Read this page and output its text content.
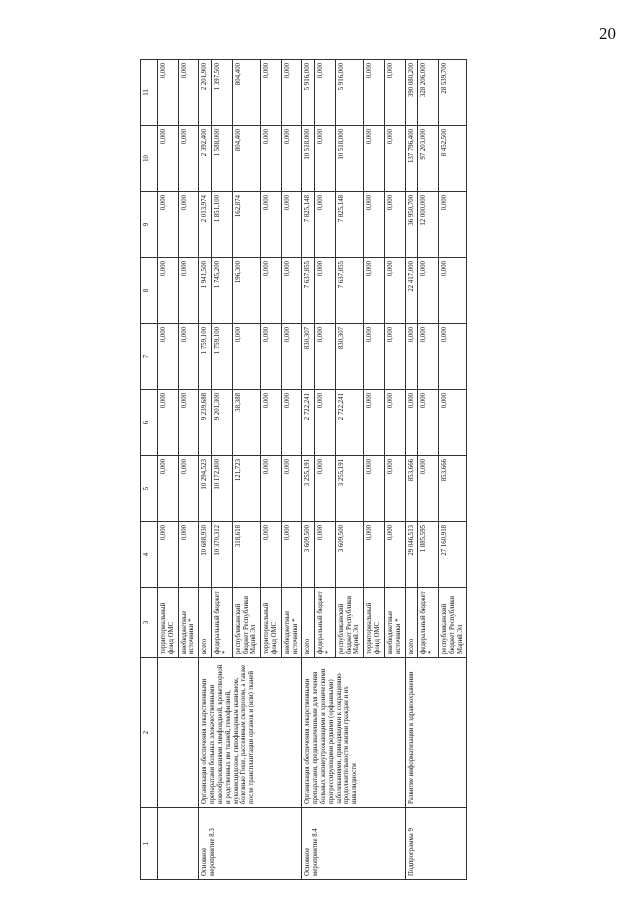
20
1	2	3	4	5	6	7	8	9	10	11
		территориальный фонд ОМС	0,000	0,000	0,000	0,000	0,000	0,000	0,000	0,000
		внебюджетные источники *	0,000	0,000	0,000	0,000	0,000	0,000	0,000	0,000
Основное мероприятие 8.3	Организация обеспечения лекарственными препаратами больных злокачественными новообразованиями лимфоидной, кроветворной и родственных им тканей, гемофилией, муковисцидозом, гипофизарным нанизмом, болезнью Гоше, рассеянным склерозом, а также после трансплантации органов и (или) тканей	всего	10 688,930	10 294,523	9 239,688	1 759,100	1 941,500	2 013,974	2 392,400	2 201,900
		федеральный бюджет *	10 370,312	10 172,800	9 201,300	1 759,100	1 745,200	1 851,100	1 588,000	1 397,500
		республиканский бюджет Республики Марий Эл	318,618	121,723	38,388	0,000	196,300	162,874	804,400	804,400
		территориальный фонд ОМС	0,000	0,000	0,000	0,000	0,000	0,000	0,000	0,000
		внебюджетные источники *	0,000	0,000	0,000	0,000	0,000	0,000	0,000	0,000
Основное мероприятие 8.4	Организация обеспечения лекарственными препаратами, предназначенными для лечения больных жизнеугрожающими и хроническими прогрессирующими редкими (орфанными) заболеваниями, приводящими к сокращению продолжительности жизни граждан и их инвалидности	всего	3 609,500	3 255,191	2 722,241	830,307	7 637,855	7 825,148	10 518,000	5 916,000
		федеральный бюджет *	0,000	0,000	0,000	0,000	0,000	0,000	0,000	0,000
		республиканский бюджет Республики Марий Эл	3 609,500	3 255,191	2 722,241	830,307	7 637,855	7 825,148	10 518,000	5 916,000
		территориальный фонд ОМС	0,000	0,000	0,000	0,000	0,000	0,000	0,000	0,000
		внебюджетные источники *	0,000	0,000	0,000	0,000	0,000	0,000	0,000	0,000
Подпрограмма 9	Развитие информатизации в здравоохранении	всего	29 046,513	853,666	0,000	0,000	22 417,000	36 950,700	137 796,400	390 080,200
		федеральный бюджет *	1 885,595	0,000	0,000	0,000	0,000	12 000,000	97 203,000	328 206,000
		республиканский бюджет Республики Марий Эл	27 160,918	853,666	0,000	0,000	0,000	0,000	8 452,500	28 539,700
